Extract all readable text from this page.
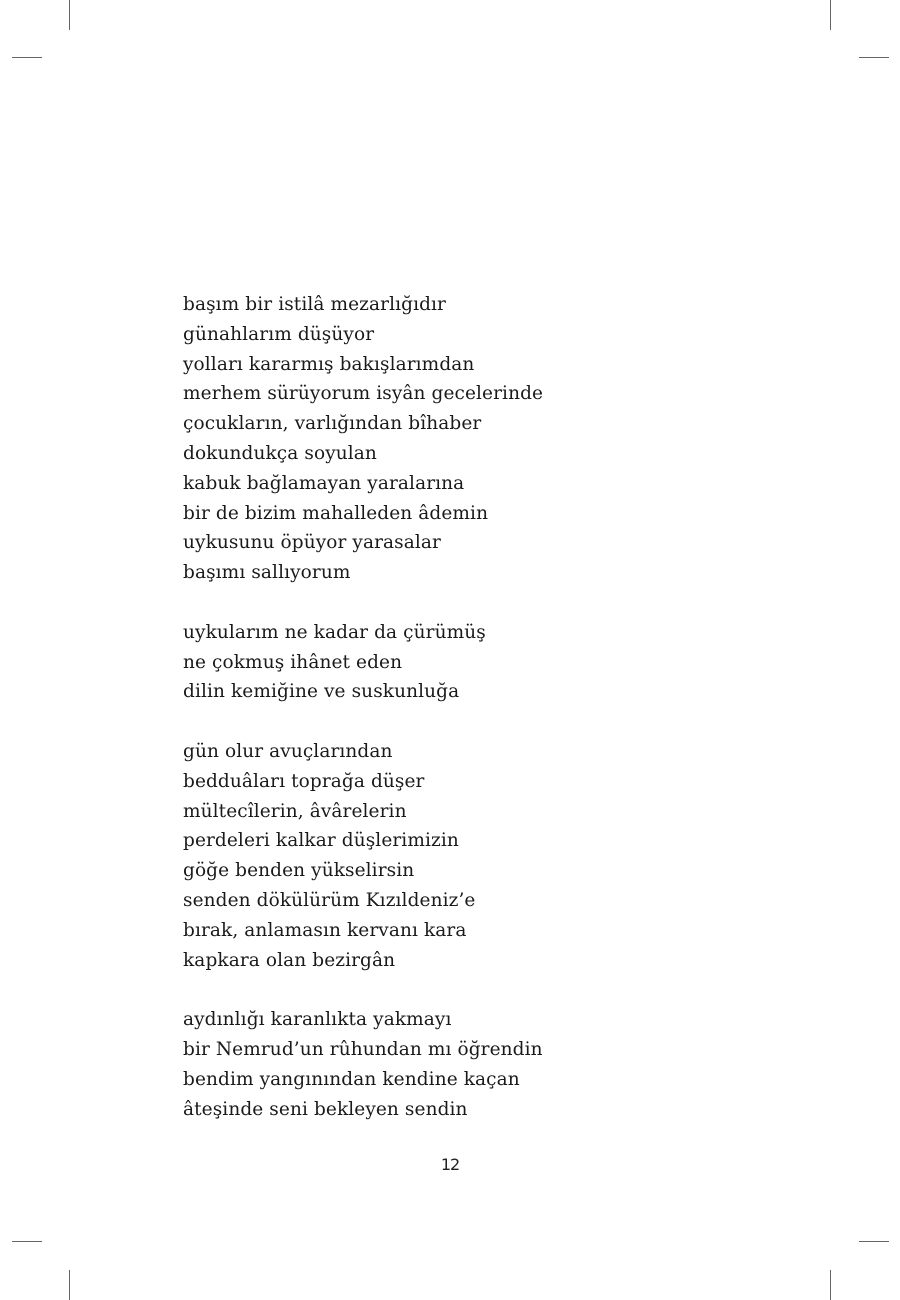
başım bir istilâ mezarlığıdır
günahlarım düşüyor
yolları kararmış bakışlarımdan
merhem sürüyorum isyân gecelerinde
çocukların, varlığından bîhaber
dokundukça soyulan
kabuk bağlamayan yaralarına
bir de bizim mahalleden âdemin
uykusunu öpüyor yarasalar
başımı sallıyorum
uykularım ne kadar da çürümüş
ne çokmuş ihânet eden
dilin kemiğine ve suskunluğa
gün olur avuçlarından
bedduâları toprağa düşer
mültecîlerin, âvârelerin
perdeleri kalkar düşlerimizin
göğe benden yükselirsin
senden dökülürüm Kızıldeniz’e
bırak, anlamasın kervanı kara
kapkara olan bezirgân
aydınlığı karanlıkta yakmayı
bir Nemrud’un rûhundan mı öğrendin
bendim yangınından kendine kaçan
âteşinde seni bekleyen sendin
12
